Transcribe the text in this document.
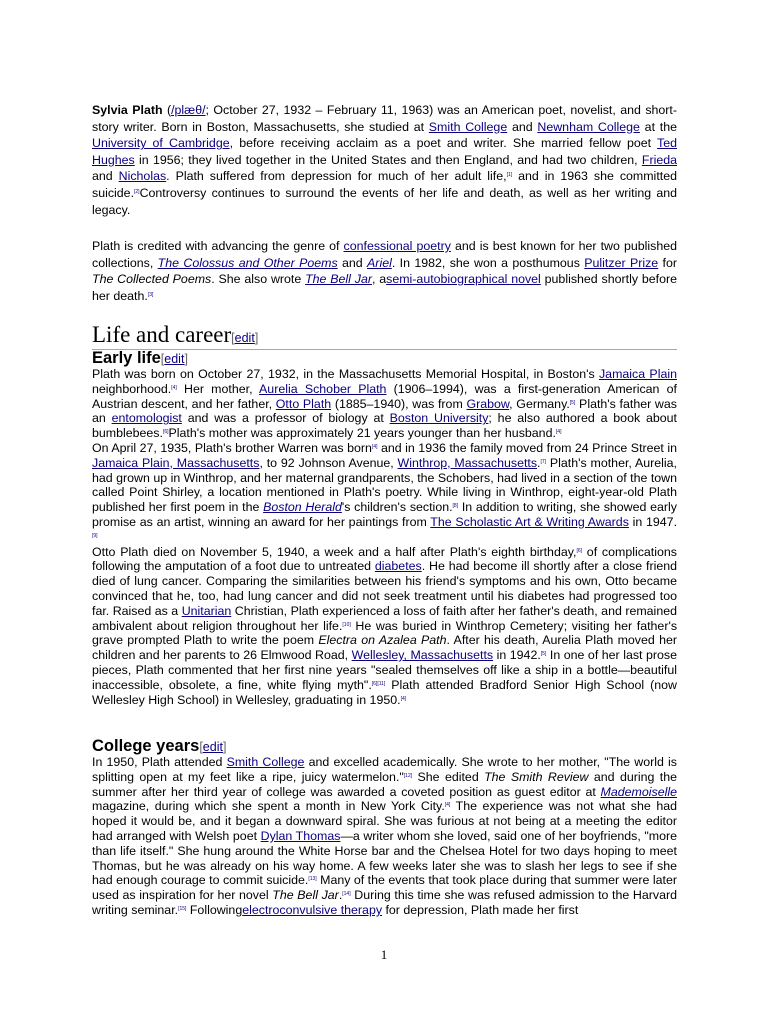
Sylvia Plath (/plæθ/; October 27, 1932 – February 11, 1963) was an American poet, novelist, and short-story writer. Born in Boston, Massachusetts, she studied at Smith College and Newnham College at the University of Cambridge, before receiving acclaim as a poet and writer. She married fellow poet Ted Hughes in 1956; they lived together in the United States and then England, and had two children, Frieda and Nicholas. Plath suffered from depression for much of her adult life,[1] and in 1963 she committed suicide.[2]Controversy continues to surround the events of her life and death, as well as her writing and legacy.

Plath is credited with advancing the genre of confessional poetry and is best known for her two published collections, The Colossus and Other Poems and Ariel. In 1982, she won a posthumous Pulitzer Prize for The Collected Poems. She also wrote The Bell Jar, asemi-autobiographical novel published shortly before her death.[3]

Life and career[edit]
Early life[edit]

Plath was born on October 27, 1932, in the Massachusetts Memorial Hospital, in Boston's Jamaica Plain neighborhood.[4] Her mother, Aurelia Schober Plath (1906–1994), was a first-generation American of Austrian descent, and her father, Otto Plath (1885–1940), was from Grabow, Germany.[5] Plath's father was an entomologist and was a professor of biology at Boston University; he also authored a book about bumblebees.[6]Plath's mother was approximately 21 years younger than her husband.[4]

On April 27, 1935, Plath's brother Warren was born[4] and in 1936 the family moved from 24 Prince Street in Jamaica Plain, Massachusetts, to 92 Johnson Avenue, Winthrop, Massachusetts.[7] Plath's mother, Aurelia, had grown up in Winthrop, and her maternal grandparents, the Schobers, had lived in a section of the town called Point Shirley, a location mentioned in Plath's poetry. While living in Winthrop, eight-year-old Plath published her first poem in the Boston Herald's children's section.[8] In addition to writing, she showed early promise as an artist, winning an award for her paintings from The Scholastic Art & Writing Awards in 1947.[9]

Otto Plath died on November 5, 1940, a week and a half after Plath's eighth birthday,[6] of complications following the amputation of a foot due to untreated diabetes. He had become ill shortly after a close friend died of lung cancer. Comparing the similarities between his friend's symptoms and his own, Otto became convinced that he, too, had lung cancer and did not seek treatment until his diabetes had progressed too far. Raised as a Unitarian Christian, Plath experienced a loss of faith after her father's death, and remained ambivalent about religion throughout her life.[10] He was buried in Winthrop Cemetery; visiting her father's grave prompted Plath to write the poem Electra on Azalea Path. After his death, Aurelia Plath moved her children and her parents to 26 Elmwood Road, Wellesley, Massachusetts in 1942.[5] In one of her last prose pieces, Plath commented that her first nine years "sealed themselves off like a ship in a bottle—beautiful inaccessible, obsolete, a fine, white flying myth".[6][11] Plath attended Bradford Senior High School (now Wellesley High School) in Wellesley, graduating in 1950.[4]

College years[edit]

In 1950, Plath attended Smith College and excelled academically. She wrote to her mother, "The world is splitting open at my feet like a ripe, juicy watermelon."[12] She edited The Smith Review and during the summer after her third year of college was awarded a coveted position as guest editor at Mademoiselle magazine, during which she spent a month in New York City.[4] The experience was not what she had hoped it would be, and it began a downward spiral. She was furious at not being at a meeting the editor had arranged with Welsh poet Dylan Thomas—a writer whom she loved, said one of her boyfriends, "more than life itself." She hung around the White Horse bar and the Chelsea Hotel for two days hoping to meet Thomas, but he was already on his way home. A few weeks later she was to slash her legs to see if she had enough courage to commit suicide.[13] Many of the events that took place during that summer were later used as inspiration for her novel The Bell Jar.[14] During this time she was refused admission to the Harvard writing seminar.[15] Followingelectroconvulsive therapy for depression, Plath made her first

1
